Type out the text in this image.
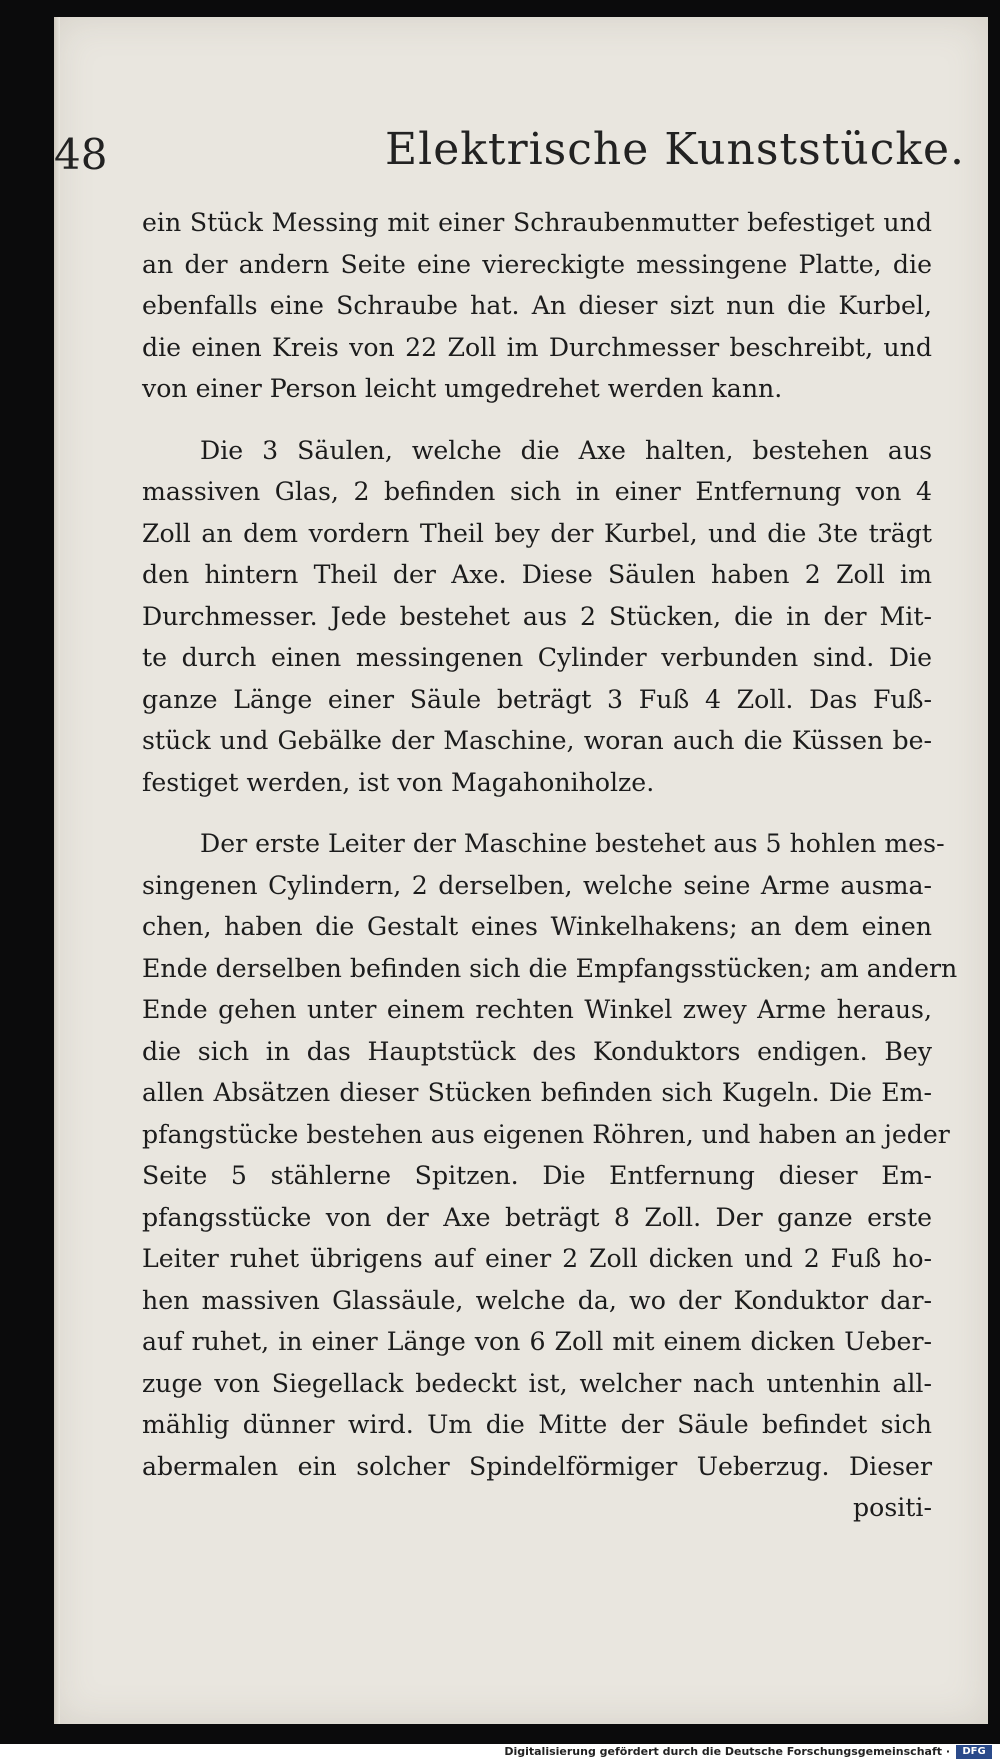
48	Elektrische Kunststücke.
ein Stück Messing mit einer Schraubenmutter befestiget und
an der andern Seite eine viereckigte messingene Platte, die
ebenfalls eine Schraube hat. An dieser sizt nun die Kurbel,
die einen Kreis von 22 Zoll im Durchmesser beschreibt, und
von einer Person leicht umgedrehet werden kann.
Die 3 Säulen, welche die Axe halten, bestehen aus
massiven Glas, 2 befinden sich in einer Entfernung von 4
Zoll an dem vordern Theil bey der Kurbel, und die 3te trägt
den hintern Theil der Axe. Diese Säulen haben 2 Zoll im
Durchmesser. Jede bestehet aus 2 Stücken, die in der Mit-
te durch einen messingenen Cylinder verbunden sind. Die
ganze Länge einer Säule beträgt 3 Fuß 4 Zoll. Das Fuß-
stück und Gebälke der Maschine, woran auch die Küssen be-
festiget werden, ist von Magahoniholze.
Der erste Leiter der Maschine bestehet aus 5 hohlen mes-
singenen Cylindern, 2 derselben, welche seine Arme ausma-
chen, haben die Gestalt eines Winkelhakens; an dem einen
Ende derselben befinden sich die Empfangsstücken; am andern
Ende gehen unter einem rechten Winkel zwey Arme heraus,
die sich in das Hauptstück des Konduktors endigen. Bey
allen Absätzen dieser Stücken befinden sich Kugeln. Die Em-
pfangstücke bestehen aus eigenen Röhren, und haben an jeder
Seite 5 stählerne Spitzen. Die Entfernung dieser Em-
pfangsstücke von der Axe beträgt 8 Zoll. Der ganze erste
Leiter ruhet übrigens auf einer 2 Zoll dicken und 2 Fuß ho-
hen massiven Glassäule, welche da, wo der Konduktor dar-
auf ruhet, in einer Länge von 6 Zoll mit einem dicken Ueber-
zuge von Siegellack bedeckt ist, welcher nach untenhin all-
mählig dünner wird. Um die Mitte der Säule befindet sich
abermalen ein solcher Spindelförmiger Ueberzug. Dieser
positi-
Digitalisierung gefördert durch die Deutsche Forschungsgemeinschaft ·	DFG
